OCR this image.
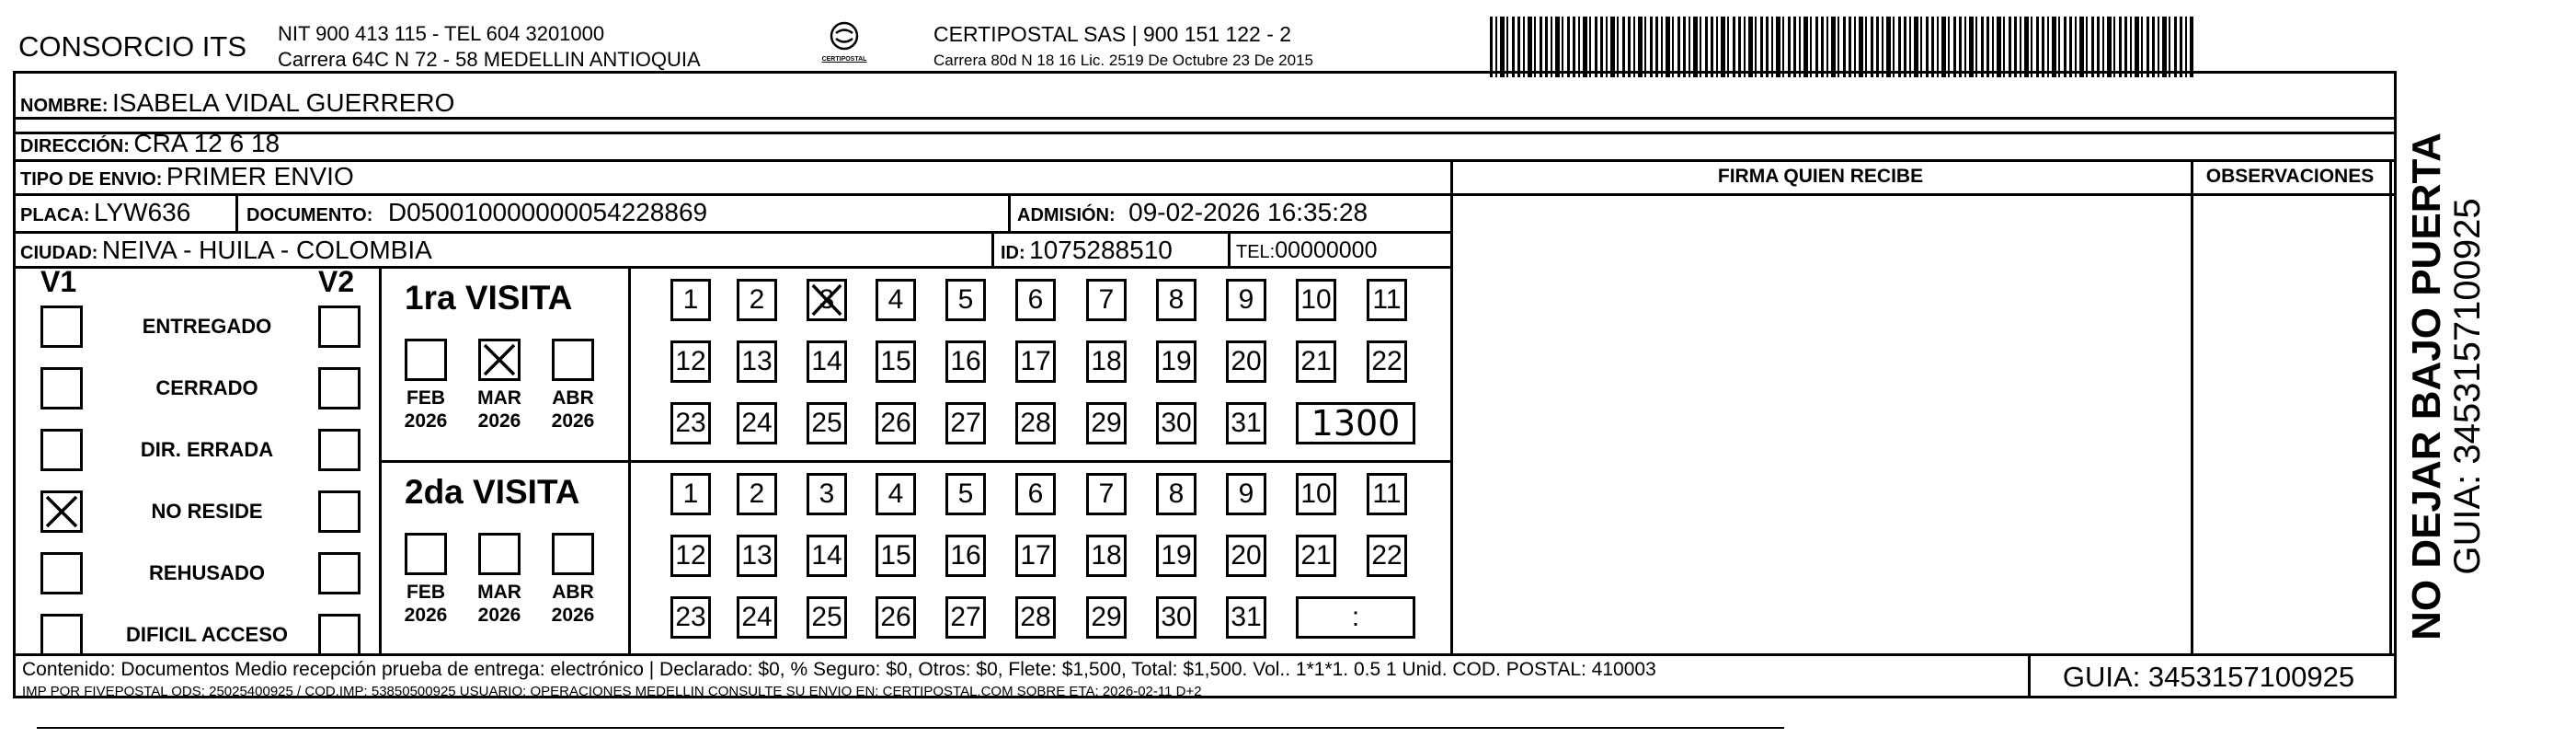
CONSORCIO ITS NIT 900 413 115 - TEL 604 3201000
Carrera 64C N 72 - 58 MEDELLIN ANTIOQUIA	CERTIPOSTAL
CERTIPOSTAL SAS | 900 151 122 - 2
Carrera 80d N 18 16 Lic. 2519 De Octubre 23 De 2015
NOMBRE: ISABELA VIDAL GUERRERO
DIRECCIÓN: CRA 12 6 18
TIPO DE ENVIO: PRIMER ENVIO
PLACA: LYW636	DOCUMENTO: D050010000000054228869	ADMISIÓN: 09-02-2026 16:35:28
CIUDAD: NEIVA - HUILA - COLOMBIA	ID: 1075288510	TEL:00000000
FIRMA QUIEN RECIBE	OBSERVACIONES
V1	V2
ENTREGADO
CERRADO
DIR. ERRADA
NO RESIDE
REHUSADO
DIFICIL ACCESO
1ra VISITA
FEB
2026
MAR
2026
ABR
2026
1	2	3	4	5	6	7	8	9	10 11
12 13 14 15 16 17 18 19 20 21 22
23 24 25 26 27 28 29 30 31	1300
2da VISITA
FEB
2026
MAR
2026
ABR
2026
1	2	3	4	5	6	7	8	9	10 11
12 13 14 15 16 17 18 19 20 21 22
23 24 25 26 27 28 29 30 31	:
Contenido: Documentos Medio recepción prueba de entrega: electrónico | Declarado: $0, % Seguro: $0, Otros: $0, Flete: $1,500, Total: $1,500. Vol.. 1*1*1. 0.5 1 Unid. COD. POSTAL: 410003
IMP POR FIVEPOSTAL ODS: 25025400925 / COD.IMP: 53850500925 USUARIO: OPERACIONES MEDELLIN CONSULTE SU ENVIO EN: CERTIPOSTAL.COM SOBRE ETA: 2026-02-11 D+2	GUIA: 3453157100925
NO DEJAR BAJO PUERTA
GUIA: 3453157100925
